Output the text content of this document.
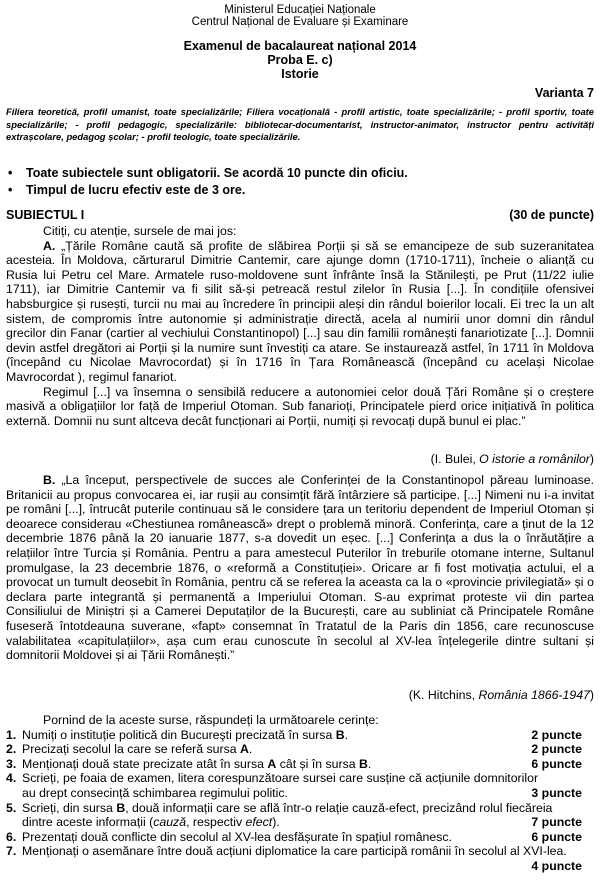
Ministerul Educației Naționale
Centrul Național de Evaluare și Examinare
Examenul de bacalaureat național 2014
Proba E. c)
Istorie
Varianta 7
Filiera teoretică, profil umanist, toate specializările; Filiera vocațională - profil artistic, toate specializările; - profil sportiv, toate specializările; - profil pedagogic, specializările: bibliotecar-documentarist, instructor-animator, instructor pentru activități extrașcolare, pedagog școlar; - profil teologic, toate specializările.
• Toate subiectele sunt obligatorii. Se acordă 10 puncte din oficiu.
• Timpul de lucru efectiv este de 3 ore.
SUBIECTUL I	(30 de puncte)
Citiți, cu atenție, sursele de mai jos:
A. „Țările Române caută să profite de slăbirea Porții și să se emancipeze de sub suzeranitatea acesteia. În Moldova, cărturarul Dimitrie Cantemir, care ajunge domn (1710-1711), încheie o alianță cu Rusia lui Petru cel Mare. Armatele ruso-moldovene sunt înfrânte însă la Stănilești, pe Prut (11/22 iulie 1711), iar Dimitrie Cantemir va fi silit să-și petreacă restul zilelor în Rusia [...]. În condițiile ofensivei habsburgice și rusești, turcii nu mai au încredere în principii aleși din rândul boierilor locali. Ei trec la un alt sistem, de compromis între autonomie și administrație directă, acela al numirii unor domni din rândul grecilor din Fanar (cartier al vechiului Constantinopol) [...] sau din familii românești fanariotizate [...]. Domnii devin astfel dregători ai Porții și la numire sunt învestiți ca atare. Se instaurează astfel, în 1711 în Moldova (începând cu Nicolae Mavrocordat) și în 1716 în Țara Românească (începând cu același Nicolae Mavrocordat ), regimul fanariot.
Regimul [...] va însemna o sensibilă reducere a autonomiei celor două Țări Române și o creștere masivă a obligațiilor lor față de Imperiul Otoman. Sub fanarioți, Principatele pierd orice inițiativă în politica externă. Domnii nu sunt altceva decât funcționari ai Porții, numiți și revocați după bunul ei plac.”
(I. Bulei, O istorie a românilor)
B. „La început, perspectivele de succes ale Conferinței de la Constantinopol păreau luminoase. Britanicii au propus convocarea ei, iar rușii au consimțit fără întârziere să participe. [...] Nimeni nu i-a invitat pe români [...], întrucât puterile continuau să le considere țara un teritoriu dependent de Imperiul Otoman și deoarece considerau «Chestiunea românească» drept o problemă minoră. Conferința, care a ținut de la 12 decembrie 1876 până la 20 ianuarie 1877, s-a dovedit un eșec. [...] Conferința a dus la o înrăutățire a relațiilor între Turcia și România. Pentru a para amestecul Puterilor în treburile otomane interne, Sultanul promulgase, la 23 decembrie 1876, o «reformă a Constituției». Oricare ar fi fost motivația actului, el a provocat un tumult deosebit în România, pentru că se referea la aceasta ca la o «provincie privilegiată» și o declara parte integrantă și permanentă a Imperiului Otoman. S-au exprimat proteste vii din partea Consiliului de Miniștri și a Camerei Deputaților de la București, care au subliniat că Principatele Române fuseseră întotdeauna suverane, «fapt» consemnat în Tratatul de la Paris din 1856, care recunoscuse valabilitatea «capitulațiilor», așa cum erau cunoscute în secolul al XV-lea înțelegerile dintre sultani și domnitorii Moldovei și ai Țării Românești.”
(K. Hitchins, România 1866-1947)
Pornind de la aceste surse, răspundeți la următoarele cerințe:
1. Numiți o instituție politică din Bucureşti precizată în sursa B.	2 puncte
2. Precizați secolul la care se referă sursa A.	2 puncte
3. Menționați două state precizate atât în sursa A cât și în sursa B.	6 puncte
4. Scrieți, pe foaia de examen, litera corespunzătoare sursei care susține că acțiunile domnitorilor
au drept consecință schimbarea regimului politic.	3 puncte
5. Scrieți, din sursa B, două informații care se află într-o relație cauză-efect, precizând rolul fiecăreia
dintre aceste informații (cauză, respectiv efect).	7 puncte
6. Prezentați două conflicte din secolul al XV-lea desfășurate în spațiul românesc.	6 puncte
7. Menționați o asemănare între două acțiuni diplomatice la care participă românii în secolul al XVI-lea.
4 puncte
